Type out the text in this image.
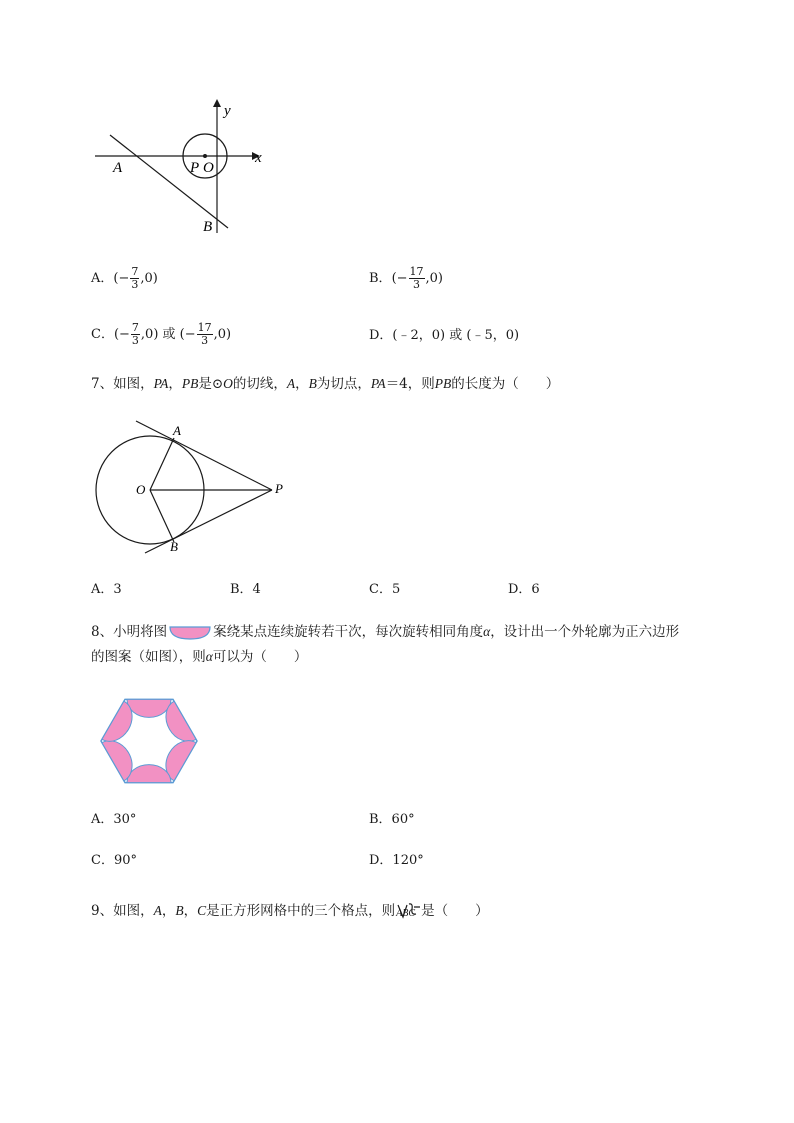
y
x
A	P O
B
A． (− $\frac{7}{3} ,0$)	B． (− $\frac{17}{3} ,0$)
C． (− $\frac{7}{3} ,0$) 或 (− $\frac{17}{3} ,0$)	D．(﹣2，0) 或 (﹣5，0)
7、如图，PA，PB是⊙O的切线，A，B为切点，PA＝4，则PB的长度为（　　）
A
O	P
B
A．3	B．4	C．5	D．6
8、小明将图	案绕某点连续旋转若干次，每次旋转相同角度 α ，设计出一个外轮廓为正六边形
的图案（如图），则α可以为（　　）
A．30°	B．60°
C．90°	D．120°
9、如图， A ， B ， C 是正方形网格中的三个格点，则 ABC 是（　　）
